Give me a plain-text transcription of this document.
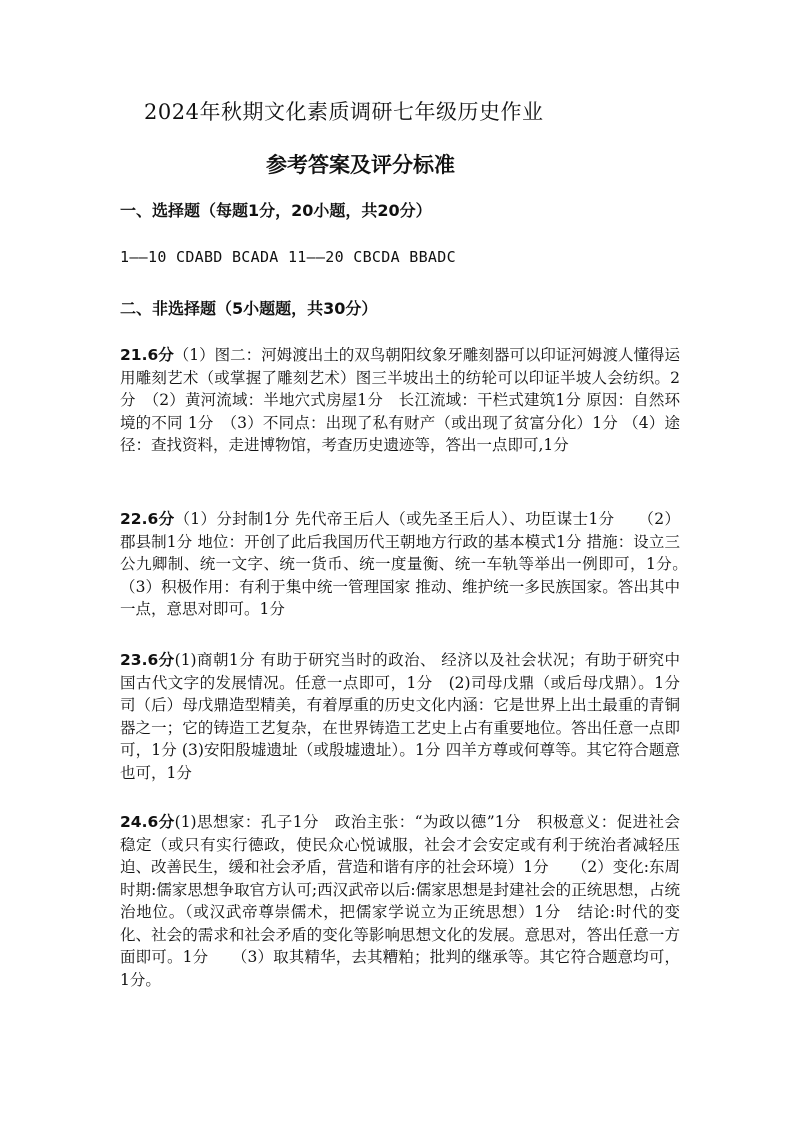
2024年秋期文化素质调研七年级历史作业
参考答案及评分标准
一、选择题（每题1分，20小题，共20分）
1——10 CDABD BCADA 11——20 CBCDA BBADC
二、非选择题（5小题题，共30分）
21.6分（1）图二：河姆渡出土的双鸟朝阳纹象牙雕刻器可以印证河姆渡人懂得运用雕刻艺术（或掌握了雕刻艺术）图三半坡出土的纺轮可以印证半坡人会纺织。2分　（2）黄河流域：半地穴式房屋1分　长江流域：干栏式建筑1分 原因：自然环境的不同 1分　（3）不同点：出现了私有财产（或出现了贫富分化）1分 （4）途径：查找资料，走进博物馆，考查历史遗迹等，答出一点即可,1分
22.6分（1）分封制1分 先代帝王后人（或先圣王后人）、功臣谋士1分　　（2）郡县制1分 地位：开创了此后我国历代王朝地方行政的基本模式1分 措施：设立三公九卿制、统一文字、统一货币、统一度量衡、统一车轨等举出一例即可，1分。　（3）积极作用：有利于集中统一管理国家 推动、维护统一多民族国家。答出其中一点，意思对即可。1分
23.6分(1)商朝1分 有助于研究当时的政治、 经济以及社会状况；有助于研究中国古代文字的发展情况。任意一点即可，1分　(2)司母戊鼎（或后母戊鼎）。1分 司（后）母戊鼎造型精美，有着厚重的历史文化内涵：它是世界上出土最重的青铜器之一；它的铸造工艺复杂，在世界铸造工艺史上占有重要地位。答出任意一点即可，1分 (3)安阳殷墟遗址（或殷墟遗址）。1分 四羊方尊或何尊等。其它符合题意也可，1分
24.6分(1)思想家：孔子1分　政治主张：“为政以德”1分　积极意义：促进社会稳定（或只有实行德政，使民众心悦诚服，社会才会安定或有利于统治者减轻压迫、改善民生，缓和社会矛盾，营造和谐有序的社会环境）1分　　（2）变化:东周时期:儒家思想争取官方认可;西汉武帝以后:儒家思想是封建社会的正统思想，占统治地位。（或汉武帝尊崇儒术，把儒家学说立为正统思想）1分　结论:时代的变化、社会的需求和社会矛盾的变化等影响思想文化的发展。意思对，答出任意一方面即可。1分　　（3）取其精华，去其糟粕；批判的继承等。其它符合题意均可，1分。
